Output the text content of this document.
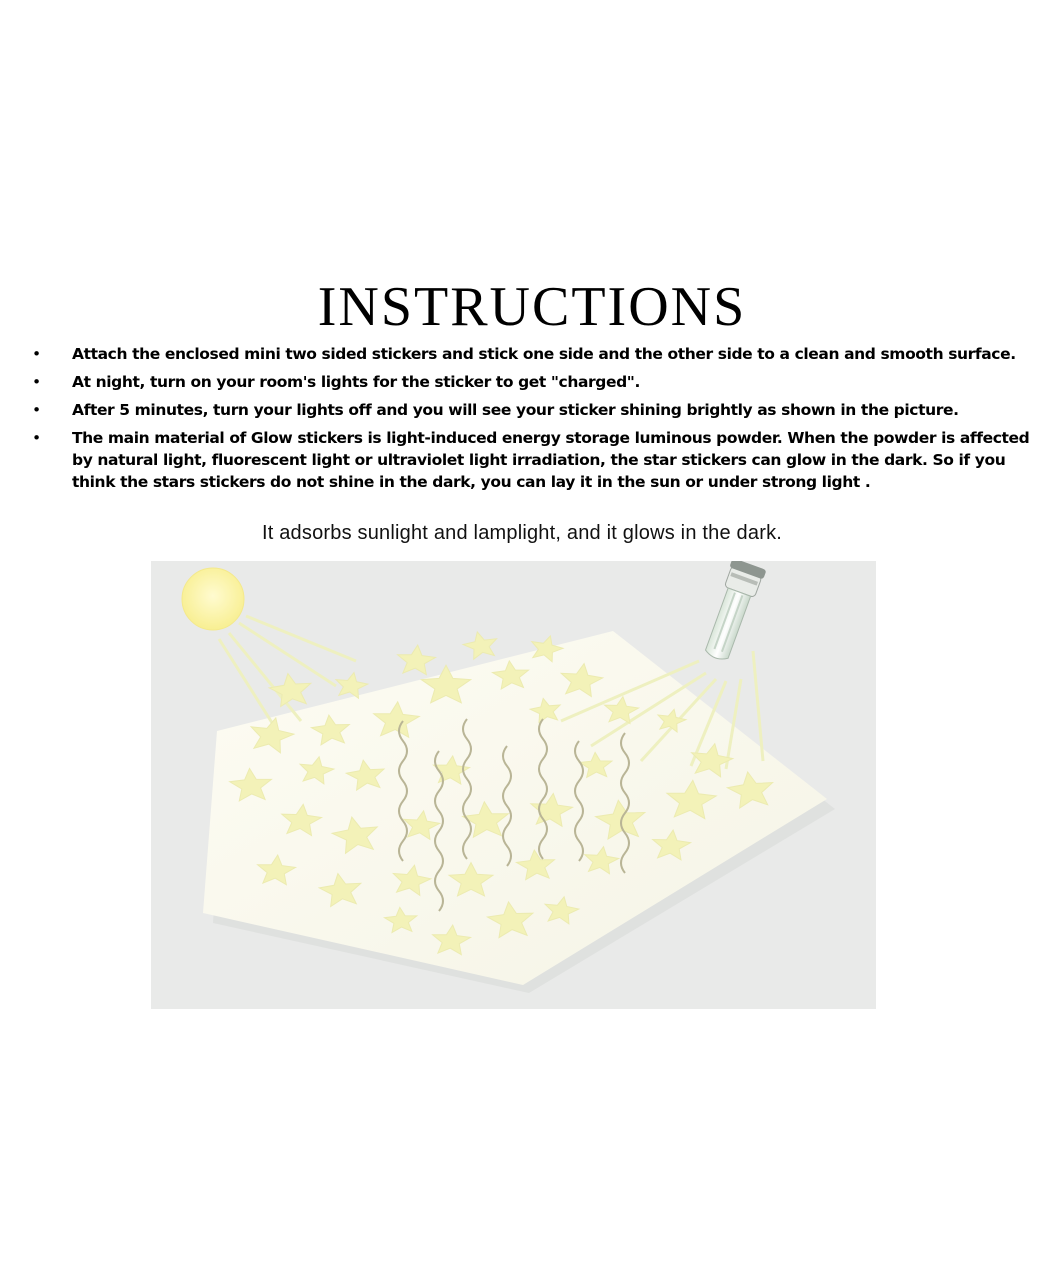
INSTRUCTIONS
• Attach the enclosed mini two sided stickers and stick one side and the other side to a clean and smooth surface.
• At night, turn on your room's lights for the sticker to get "charged".
• After 5 minutes, turn your lights off and you will see your sticker shining brightly as shown in the picture.
• The main material of Glow stickers is light-induced energy storage luminous powder. When the powder is affected by natural light, fluorescent light or ultraviolet light irradiation, the star stickers can glow in the dark. So if you think the stars stickers do not shine in the dark, you can lay it in the sun or under strong light .
It adsorbs sunlight and lamplight, and it glows in the dark.
